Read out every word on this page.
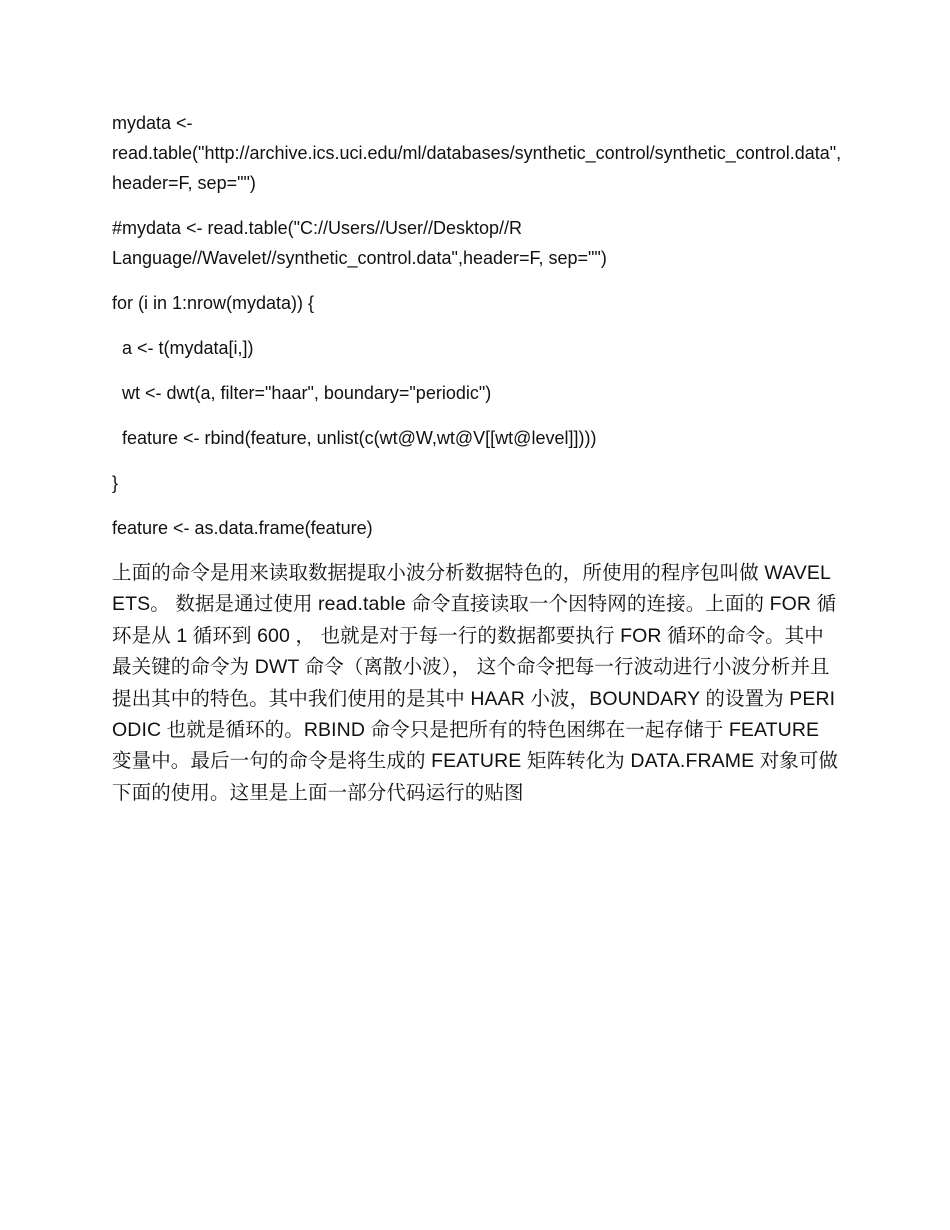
mydata <-
read.table("http://archive.ics.uci.edu/ml/databases/synthetic_control/synthetic_control.data",header=F, sep="")

#mydata <- read.table("C://Users//User//Desktop//R
Language//Wavelet//synthetic_control.data",header=F, sep="")

for (i in 1:nrow(mydata)) {

a <- t(mydata[i,])

wt <- dwt(a, filter="haar", boundary="periodic")

feature <- rbind(feature, unlist(c(wt@W,wt@V[[wt@level]])))

}

feature <- as.data.frame(feature)

上面的命令是用来读取数据提取小波分析数据特色的，所使用的程序包叫做 WAVELETS。 数据是通过使用 read.table 命令直接读取一个因特网的连接。上面的 FOR 循环是从 1 循环到 600 ， 也就是对于每一行的数据都要执行 FOR 循环的命令。其中 最关键的命令为 DWT 命令（离散小波）， 这个命令把每一行波动进行小波分析并且提出其中的特色。其中我们使用的是其中 HAAR 小波，BOUNDARY 的设置为 PERIODIC 也就是循环的。RBIND 命令只是把所有的特色困绑在一起存储于 FEATURE 变量中。最后一句的命令是将生成的 FEATURE 矩阵转化为 DATA.FRAME 对象可做下面的使用。这里是上面一部分代码运行的贴图
